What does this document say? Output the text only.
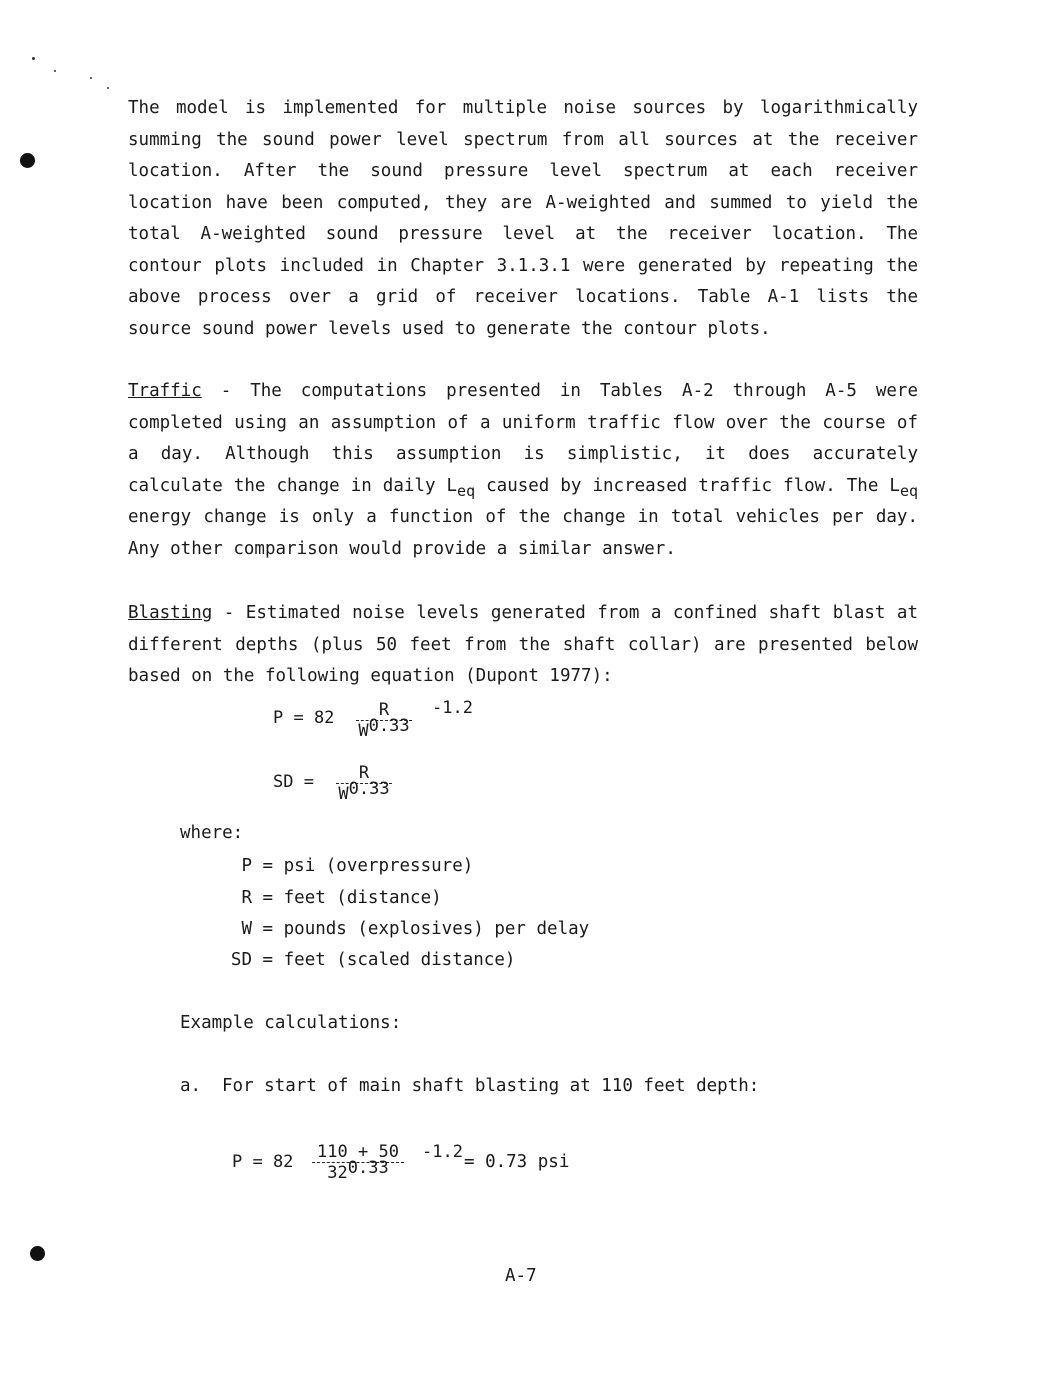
The model is implemented for multiple noise sources by logarithmically summing the sound power level spectrum from all sources at the receiver location. After the sound pressure level spectrum at each receiver location have been computed, they are A-weighted and summed to yield the total A-weighted sound pressure level at the receiver location. The contour plots included in Chapter 3.1.3.1 were generated by repeating the above process over a grid of receiver locations. Table A-1 lists the source sound power levels used to generate the contour plots.

Traffic - The computations presented in Tables A-2 through A-5 were completed using an assumption of a uniform traffic flow over the course of a day. Although this assumption is simplistic, it does accurately calculate the change in daily $L_{eq}$ caused by increased traffic flow. The $L_{eq}$ energy change is only a function of the change in total vehicles per day. Any other comparison would provide a similar answer.

Blasting - Estimated noise levels generated from a confined shaft blast at different depths (plus 50 feet from the shaft collar) are presented below based on the following equation (Dupont 1977):

$P = 82 \frac{R}{W^{0.33}} -1.2$
SD = $\frac{R}{W^{0.33}}$
where:
P = psi (overpressure)
R = feet (distance)
W = pounds (explosives) per delay
SD = feet (scaled distance)
Example calculations:
a. For start of main shaft blasting at 110 feet depth:
$P = 82 \frac{110 + 50}{32^{0.33}} -1.2 = 0.73$ psi
A-7
